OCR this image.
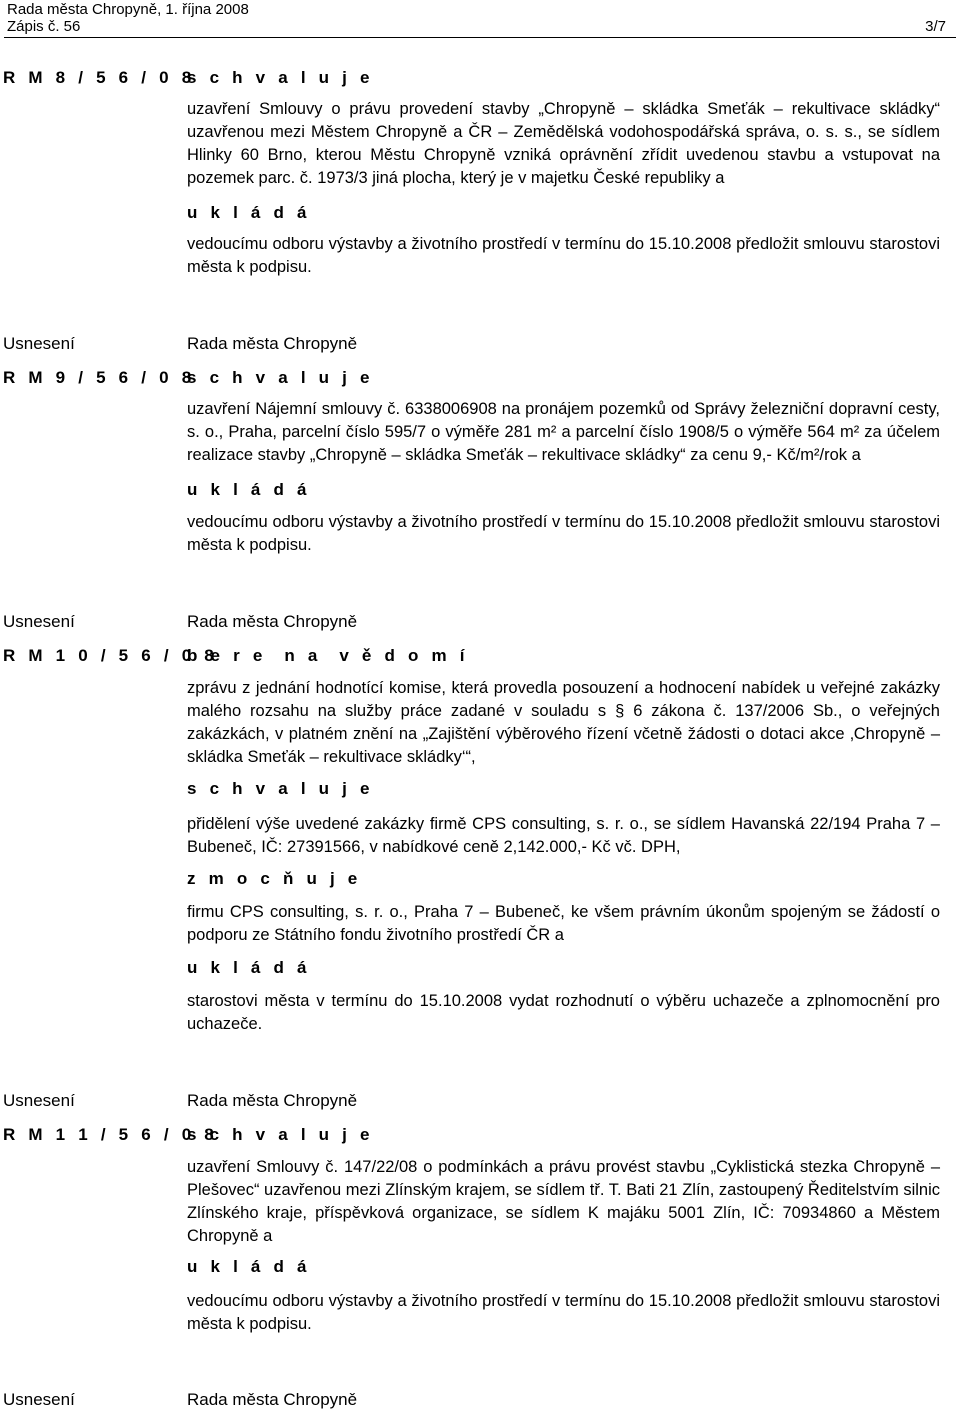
Rada města Chropyně, 1. října 2008
Zápis č. 56	3/7
R M 8 / 5 6 / 0 8
s c h v a l u j e
uzavření Smlouvy o právu provedení stavby „Chropyně – skládka Smeťák – rekultivace skládky“ uzavřenou mezi Městem Chropyně a ČR – Zemědělská vodohospodářská správa, o. s. s., se sídlem Hlinky 60 Brno, kterou Městu Chropyně vzniká oprávnění zřídit uvedenou stavbu a vstupovat na pozemek parc. č. 1973/3 jiná plocha, který je v majetku České republiky a
u k l á d á
vedoucímu odboru výstavby a životního prostředí v termínu do 15.10.2008 předložit smlouvu starostovi města k podpisu.
Usnesení	Rada města Chropyně
R M 9 / 5 6 / 0 8
s c h v a l u j e
uzavření Nájemní smlouvy č. 6338006908 na pronájem pozemků od Správy železniční dopravní cesty, s. o., Praha, parcelní číslo 595/7 o výměře 281 m² a parcelní číslo 1908/5 o výměře 564 m² za účelem realizace stavby „Chropyně – skládka Smeťák – rekultivace skládky“ za cenu 9,- Kč/m²/rok a
u k l á d á
vedoucímu odboru výstavby a životního prostředí v termínu do 15.10.2008 předložit smlouvu starostovi města k podpisu.
Usnesení	Rada města Chropyně
R M 1 0 / 5 6 / 0 8
b e r e  n a  v ě d o m í
zprávu z jednání hodnotící komise, která provedla posouzení a hodnocení nabídek u veřejné zakázky malého rozsahu na služby práce zadané v souladu s § 6 zákona č. 137/2006 Sb., o veřejných zakázkách, v platném znění na „Zajištění výběrového řízení včetně žádosti o dotaci akce ‚Chropyně – skládka Smeťák – rekultivace skládky‘“,
s c h v a l u j e
přidělení výše uvedené zakázky firmě CPS consulting, s. r. o., se sídlem Havanská 22/194 Praha 7 – Bubeneč, IČ: 27391566, v nabídkové ceně 2,142.000,- Kč vč. DPH,
z m o c ň u j e
firmu CPS consulting, s. r. o., Praha 7 – Bubeneč, ke všem právním úkonům spojeným se žádostí o podporu ze Státního fondu životního prostředí ČR a
u k l á d á
starostovi města v termínu do 15.10.2008 vydat rozhodnutí o výběru uchazeče a zplnomocnění pro uchazeče.
Usnesení	Rada města Chropyně
R M 1 1 / 5 6 / 0 8
s c h v a l u j e
uzavření Smlouvy č. 147/22/08 o podmínkách a právu provést stavbu „Cyklistická stezka Chropyně – Plešovec“ uzavřenou mezi Zlínským krajem, se sídlem tř. T. Bati 21 Zlín, zastoupený Ředitelstvím silnic Zlínského kraje, příspěvková organizace, se sídlem K majáku 5001 Zlín, IČ: 70934860 a Městem Chropyně a
u k l á d á
vedoucímu odboru výstavby a životního prostředí v termínu do 15.10.2008 předložit smlouvu starostovi města k podpisu.
Usnesení	Rada města Chropyně
